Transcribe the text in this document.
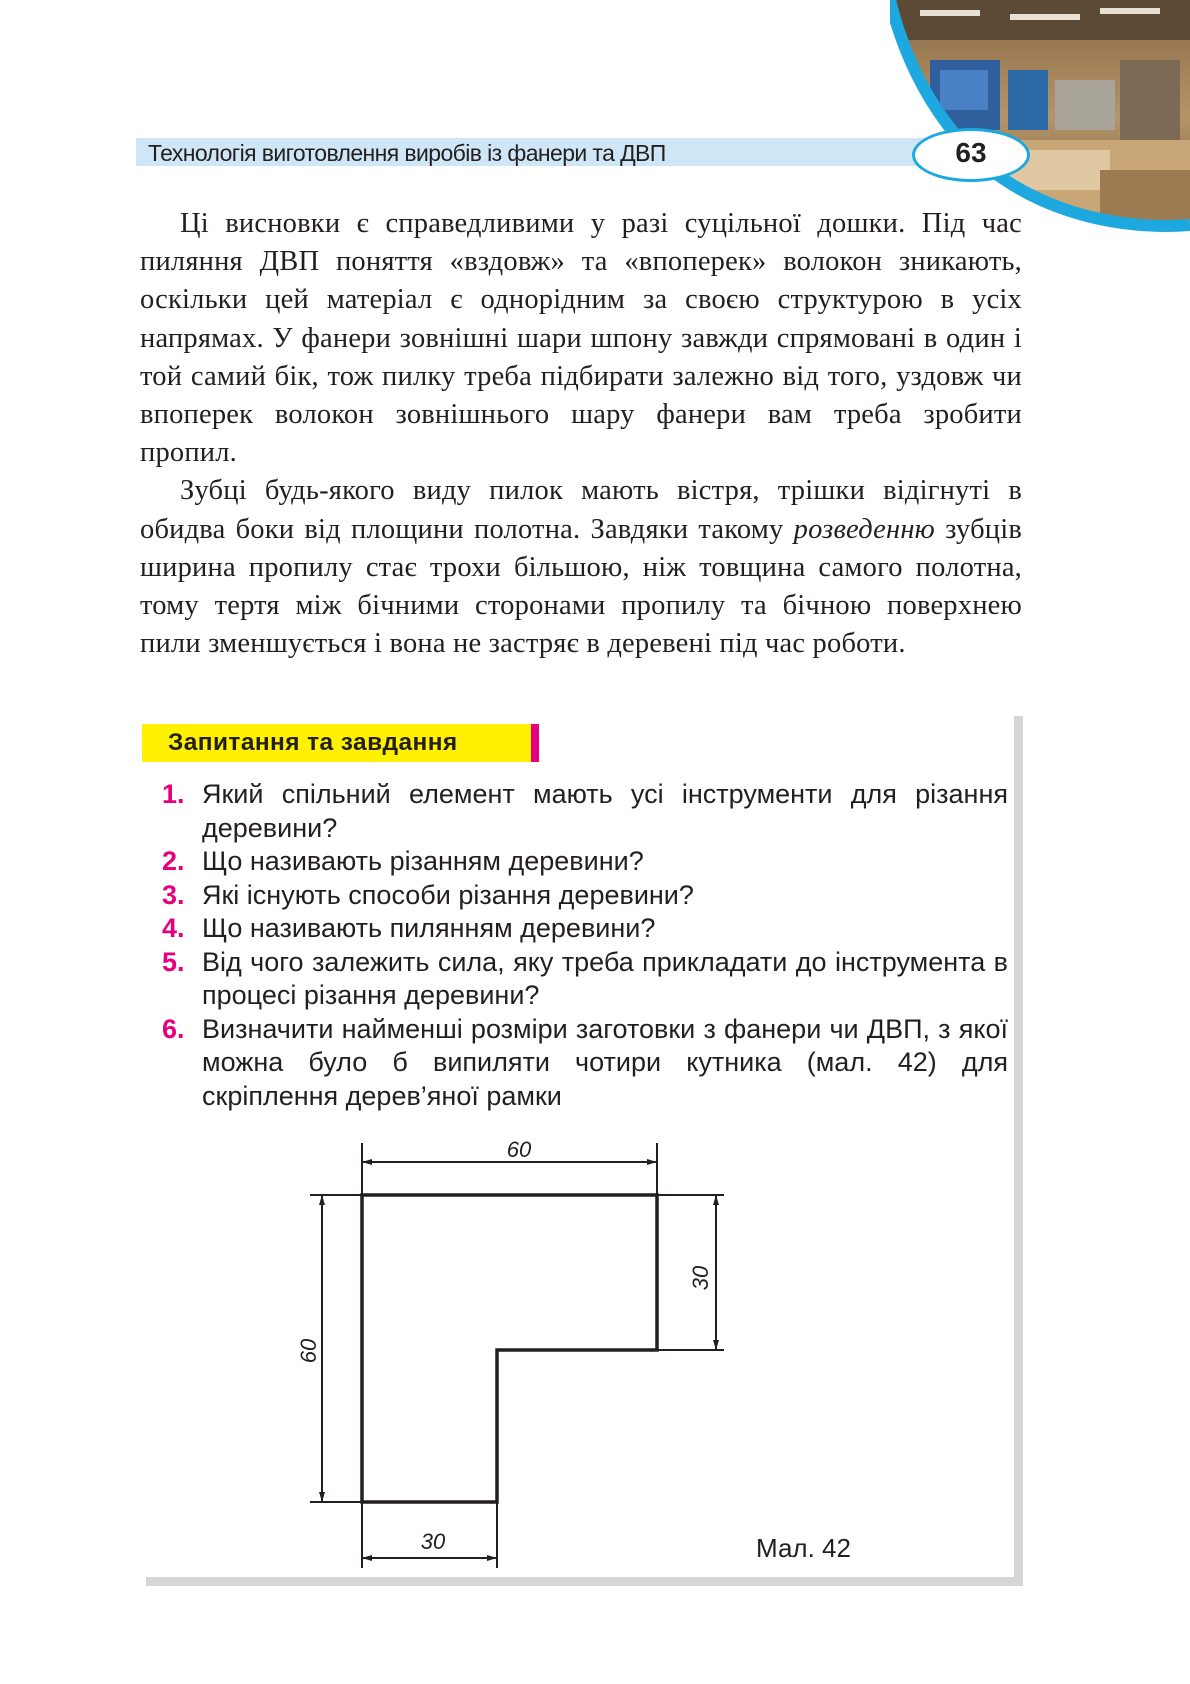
Технологія виготовлення виробів із фанери та ДВП	63

Ці висновки є справедливими у разі суцільної дошки. Під час пиляння ДВП поняття «вздовж» та «впоперек» волокон зникають, оскільки цей матеріал є однорідним за своєю структурою в усіх напрямах. У фанери зовнішні шари шпону завжди спрямовані в один і той самий бік, тож пилку треба підбирати залежно від того, уздовж чи впоперек волокон зовнішнього шару фанери вам треба зробити пропил.

Зубці будь-якого виду пилок мають вістря, трішки відігнуті в обидва боки від площини полотна. Завдяки такому розведенню зубців ширина пропилу стає трохи більшою, ніж товщина самого полотна, тому тертя між бічними сторонами пропилу та бічною поверхнею пили зменшується і вона не застряє в деревені під час роботи.

Запитання та завдання
1. Який спільний елемент мають усі інструменти для різання деревини?
2. Що називають різанням деревини?
3. Які існують способи різання деревини?
4. Що називають пилянням деревини?
5. Від чого залежить сила, яку треба прикладати до інструмента в процесі різання деревини?
6. Визначити найменші розміри заготовки з фанери чи ДВП, з якої можна було б випиляти чотири кутника (мал. 42) для скріплення дерев’яної рамки
60
30
60
30	Мал. 42
